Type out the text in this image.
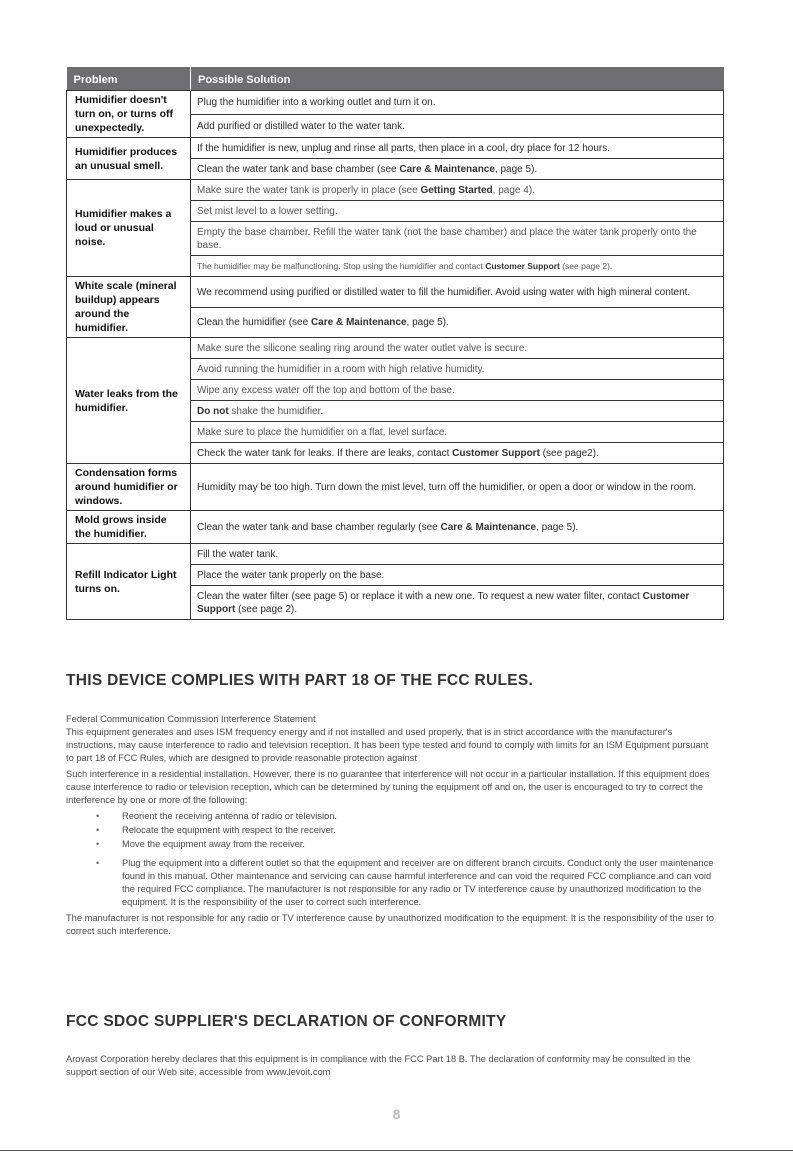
Problem	Possible Solution
Humidifier doesn't turn on, or turns off unexpectedly.	Plug the humidifier into a working outlet and turn it on.
	Add purified or distilled water to the water tank.
Humidifier produces an unusual smell.	If the humidifier is new, unplug and rinse all parts, then place in a cool, dry place for 12 hours.
	Clean the water tank and base chamber (see Care & Maintenance, page 5).
Humidifier makes a loud or unusual noise.	Make sure the water tank is properly in place (see Getting Started, page 4).
	Set mist level to a lower setting.
	Empty the base chamber. Refill the water tank (not the base chamber) and place the water tank properly onto the base.
	The humidifier may be malfunctioning. Stop using the humidifier and contact Customer Support (see page 2).
White scale (mineral buildup) appears around the humidifier.	We recommend using purified or distilled water to fill the humidifier. Avoid using water with high mineral content.
	Clean the humidifier (see Care & Maintenance, page 5).
Water leaks from the humidifier.	Make sure the silicone sealing ring around the water outlet valve is secure.
	Avoid running the humidifier in a room with high relative humidity.
	Wipe any excess water off the top and bottom of the base.
	Do not shake the humidifier.
	Make sure to place the humidifier on a flat, level surface.
	Check the water tank for leaks. If there are leaks, contact Customer Support (see page2).
Condensation forms around humidifier or windows.	Humidity may be too high. Turn down the mist level, turn off the humidifier, or open a door or window in the room.
Mold grows inside the humidifier.	Clean the water tank and base chamber regularly (see Care & Maintenance, page 5).
Refill Indicator Light turns on.	Fill the water tank.
	Place the water tank properly on the base.
	Clean the water filter (see page 5) or replace it with a new one. To request a new water filter, contact Customer Support (see page 2).
THIS DEVICE COMPLIES WITH PART 18 OF THE FCC RULES.

Federal Communication Commission Interference Statement

This equipment generates and uses ISM frequency energy and if not installed and used properly, that is in strict accordance with the manufacturer's instructions, may cause interference to radio and television reception. It has been type tested and found to comply with limits for an ISM Equipment pursuant to part 18 of FCC Rules, which are designed to provide reasonable protection against

Such interference in a residential installation. However, there is no guarantee that interference will not occur in a particular installation. If this equipment does cause interference to radio or television reception, which can be determined by tuning the equipment off and on, the user is encouraged to try to correct the interference by one or more of the following:

• Reorient the receiving antenna of radio or television.
• Relocate the equipment with respect to the receiver.
• Move the equipment away from the receiver.
• Plug the equipment into a different outlet so that the equipment and receiver are on different branch circuits. Conduct only the user maintenance found in this manual. Other maintenance and servicing can cause harmful interference and can void the required FCC compliance.and can void the required FCC compliance. The manufacturer is not responsible for any radio or TV interference cause by unauthorized modification to the equipment. It is the responsibility of the user to correct such interference.

The manufacturer is not responsible for any radio or TV interference cause by unauthorized modification to the equipment. It is the responsibility of the user to correct such interference.

FCC SDOC SUPPLIER'S DECLARATION OF CONFORMITY

Arovast Corporation hereby declares that this equipment is in compliance with the FCC Part 18 B. The declaration of conformity may be consulted in the support section of our Web site, accessible from www.levoit.com

8
